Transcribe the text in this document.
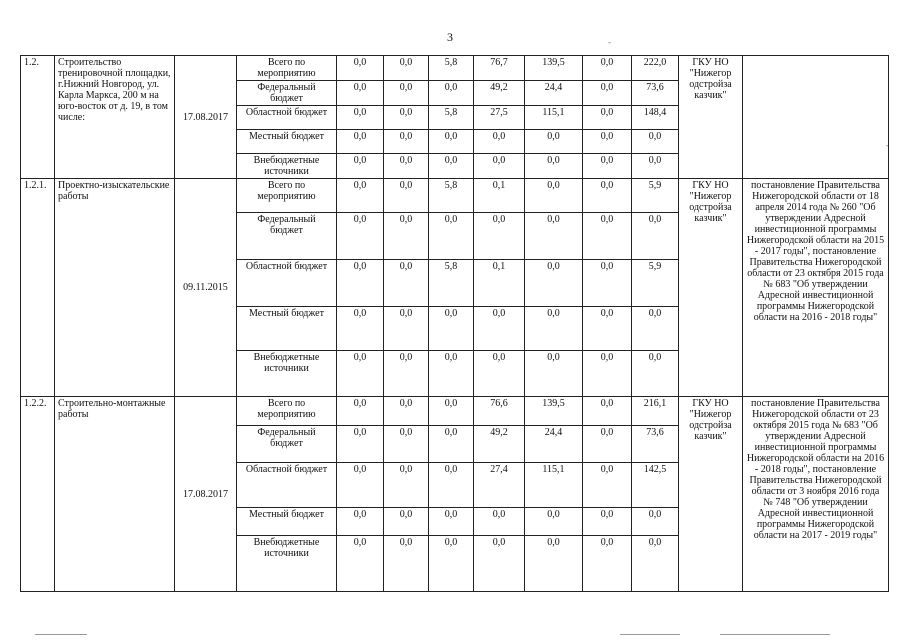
3	-
-
1.2.	Строительство тренировочной площадки, г.Нижний Новгород, ул. Карла Маркса, 200 м на юго-восток от д. 19, в том числе:	17.08.2017	Всего по мероприятию	0,0	0,0	5,8	76,7	139,5	0,0	222,0	ГКУ НО "Нижегор одстройза казчик"	
			Федеральный бюджет	0,0	0,0	0,0	49,2	24,4	0,0	73,6		
			Областной бюджет	0,0	0,0	5,8	27,5	115,1	0,0	148,4		
			Местный бюджет	0,0	0,0	0,0	0,0	0,0	0,0	0,0		
			Внебюджетные источники	0,0	0,0	0,0	0,0	0,0	0,0	0,0		
1.2.1.	Проектно-изыскательские работы	09.11.2015	Всего по мероприятию	0,0	0,0	5,8	0,1	0,0	0,0	5,9	ГКУ НО "Нижегор одстройза казчик"	постановление Правительства Нижегородской области от 18 апреля 2014 года № 260 "Об утверждении Адресной инвестиционной программы Нижегородской области на 2015 - 2017 годы", постановление Правительства Нижегородской области от 23 октября 2015 года № 683 "Об утверждении Адресной инвестиционной программы Нижегородской области на 2016 - 2018 годы"
			Федеральный бюджет	0,0	0,0	0,0	0,0	0,0	0,0	0,0		
			Областной бюджет	0,0	0,0	5,8	0,1	0,0	0,0	5,9		
			Местный бюджет	0,0	0,0	0,0	0,0	0,0	0,0	0,0		
			Внебюджетные источники	0,0	0,0	0,0	0,0	0,0	0,0	0,0		
1.2.2.	Строительно-монтажные работы	17.08.2017	Всего по мероприятию	0,0	0,0	0,0	76,6	139,5	0,0	216,1	ГКУ НО "Нижегор одстройза казчик"	постановление Правительства Нижегородской области от 23 октября 2015 года № 683 "Об утверждении Адресной инвестиционной программы Нижегородской области на 2016 - 2018 годы", постановление Правительства Нижегородской области от 3 ноября 2016 года № 748 "Об утверждении Адресной инвестиционной программы Нижегородской области на 2017 - 2019 годы"
			Федеральный бюджет	0,0	0,0	0,0	49,2	24,4	0,0	73,6		
			Областной бюджет	0,0	0,0	0,0	27,4	115,1	0,0	142,5		
			Местный бюджет	0,0	0,0	0,0	0,0	0,0	0,0	0,0		
			Внебюджетные источники	0,0	0,0	0,0	0,0	0,0	0,0	0,0		
